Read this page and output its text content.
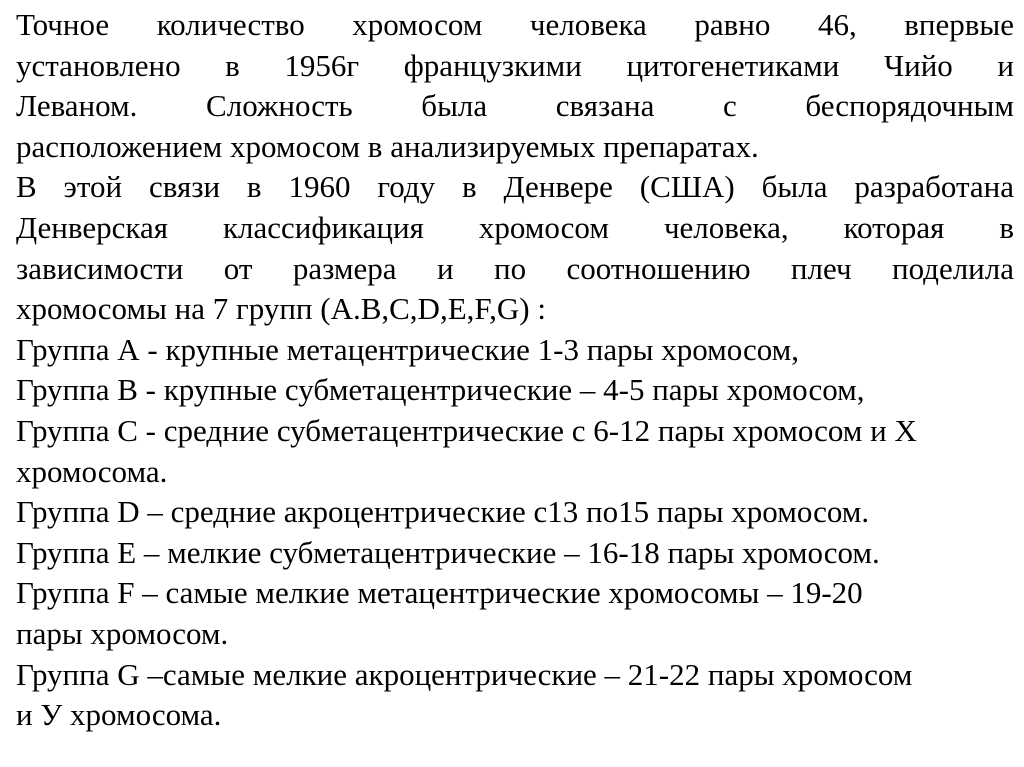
Точное количество хромосом человека равно 46, впервые
установлено в 1956г французкими цитогенетиками Чийо и
Леваном. Сложность была связана с беспорядочным
расположением хромосом в анализируемых препаратах.
В этой связи в 1960 году в Денвере (США) была разработана
Денверская классификация хромосом человека, которая в
зависимости от размера и по соотношению плеч поделила
хромосомы на 7 групп (A.B,C,D,E,F,G) :
Группа А - крупные метацентрические 1-3 пары хромосом,
Группа В - крупные субметацентрические – 4-5 пары хромосом,
Группа С - средние субметацентрические с 6-12 пары хромосом и Х
хромосома.
Группа D – средние акроцентрические с13 по15 пары хромосом.
Группа Е – мелкие субметацентрические – 16-18 пары хромосом.
Группа F – самые мелкие метацентрические хромосомы – 19-20
пары хромосом.
Группа G –самые мелкие акроцентрические – 21-22 пары хромосом
и У хромосома.
